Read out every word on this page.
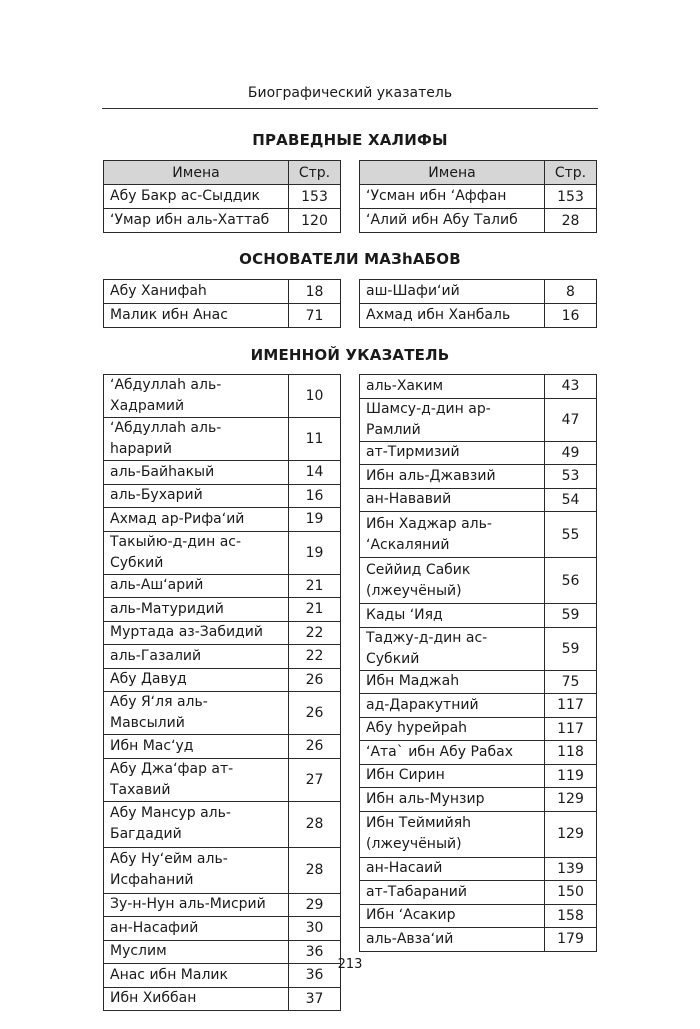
Биографический указатель
ПРАВЕДНЫЕ ХАЛИФЫ
Имена	Стр.
Абу Бакр ас-Сыддик	153
ʻУмар ибн аль-Хаттаб	120
Имена	Стр.
ʻУсман ибн ʻАффан	153
ʻАлий ибн Абу Талиб	28
ОСНОВАТЕЛИ МАЗhАБОВ
Абу Ханифаh	18
Малик ибн Анас	71
аш-Шафиʻий	8
Ахмад ибн Ханбаль	16
ИМЕННОЙ УКАЗАТЕЛЬ
ʻАбдуллаh аль-Хадрамий	10
ʻАбдуллаh аль-hарарий	11
аль-Байhакый	14
аль-Бухарий	16
Ахмад ар-Рифаʻий	19
Такыйю-д-дин ас-Субкий	19
аль-Ашʻарий	21
аль-Матуридий	21
Муртада аз-Забидий	22
аль-Газалий	22
Абу Давуд	26
Абу Яʻля аль-Мавсылий	26
Ибн Масʻуд	26
Абу Джаʻфар ат-Тахавий	27
Абу Мансур аль-Багдадий	28
Абу Нуʻейм аль-Исфаhаний	28
Зу-н-Нун аль-Мисрий	29
ан-Насафий	30
Муслим	36
Анас ибн Малик	36
Ибн Хиббан	37
аль-Хаким	43
Шамсу-д-дин ар-Рамлий	47
ат-Тирмизий	49
Ибн аль-Джавзий	53
ан-Нававий	54
Ибн Хаджар аль-ʻАскаляний	55
Сеййид Сабик (лжеучёный)	56
Кады ʻИяд	59
Таджу-д-дин ас-Субкий	59
Ибн Маджаh	75
ад-Даракутний	117
Абу hурейраh	117
ʻАта` ибн Абу Рабах	118
Ибн Сирин	119
Ибн аль-Мунзир	129
Ибн Теймийяh (лжеучёный)	129
ан-Насаий	139
ат-Табараний	150
Ибн ʻАсакир	158
аль-Авзаʻий	179
213
